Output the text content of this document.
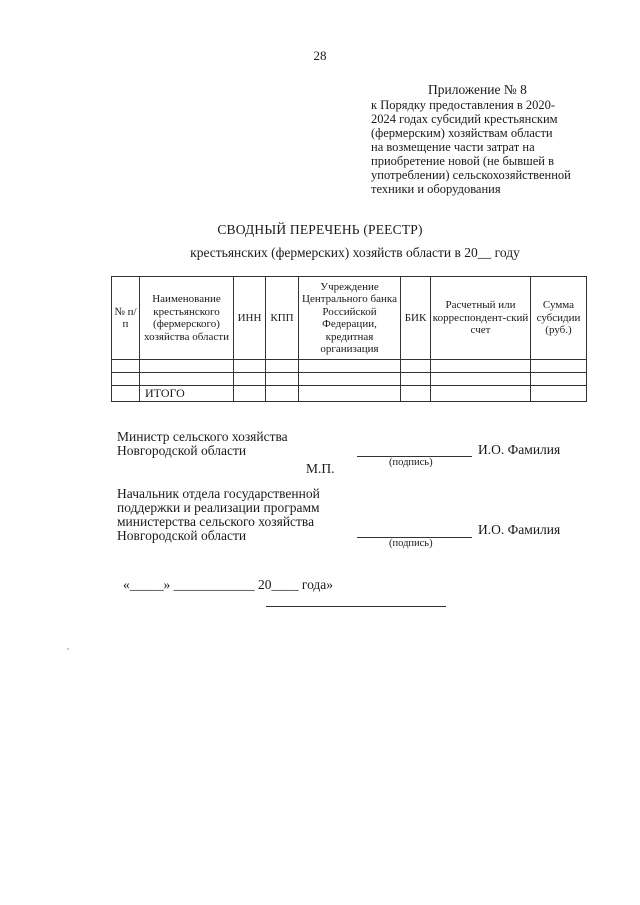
28
Приложение № 8
к Порядку предоставления в 2020-
2024 годах субсидий крестьянским
(фермерским) хозяйствам области
на возмещение части затрат на
приобретение новой (не бывшей в
употреблении) сельскохозяйственной
техники и оборудования
СВОДНЫЙ ПЕРЕЧЕНЬ (РЕЕСТР)
крестьянских (фермерских) хозяйств области в 20__ году
№ п/п	Наименование крестьянского (фермерского) хозяйства области	ИНН	КПП	Учреждение Центрального банка Российской Федерации, кредитная организация	БИК	Расчетный или корреспондент-ский счет	Сумма субсидии (руб.)

	ИТОГО						
Министр сельского хозяйства
Новгородской области	И.О. Фамилия
(подпись)
М.П.
Начальник отдела государственной
поддержки и реализации программ
министерства сельского хозяйства
Новгородской области	И.О. Фамилия
(подпись)
«_____» ____________ 20____ года»
